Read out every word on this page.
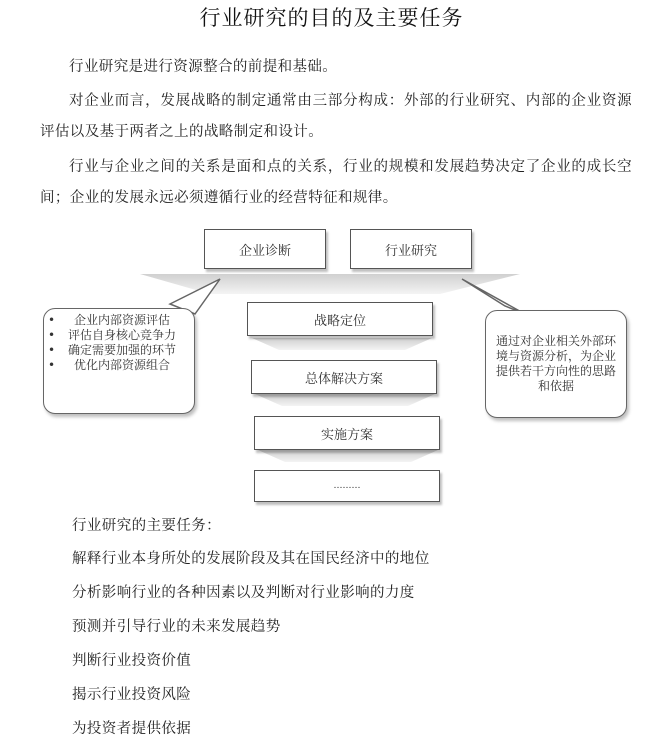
行业研究的目的及主要任务
行业研究是进行资源整合的前提和基础。
对企业而言，发展战略的制定通常由三部分构成：外部的行业研究、内部的企业资源评估以及基于两者之上的战略制定和设计。
行业与企业之间的关系是面和点的关系，行业的规模和发展趋势决定了企业的成长空间；企业的发展永远必须遵循行业的经营特征和规律。
企业诊断	行业研究
• 企业内部资源评估
• 评估自身核心竞争力
• 确定需要加强的环节
• 优化内部资源组合
通过对企业相关外部环境与资源分析，为企业提供若干方向性的思路和依据
战略定位
总体解决方案
实施方案
………
行业研究的主要任务：
解释行业本身所处的发展阶段及其在国民经济中的地位
分析影响行业的各种因素以及判断对行业影响的力度
预测并引导行业的未来发展趋势
判断行业投资价值
揭示行业投资风险
为投资者提供依据
